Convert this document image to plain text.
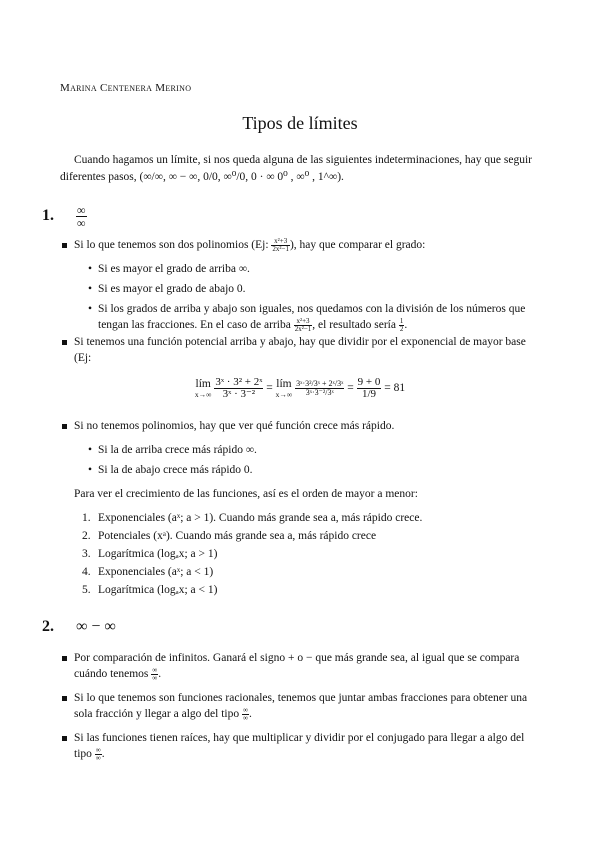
Marina Centenera Merino
Tipos de límites

Cuando hagamos un límite, si nos queda alguna de las siguientes indeterminaciones, hay que seguir diferentes pasos, (∞/∞, ∞ − ∞, 0/0, ∞⁰/0, 0 · ∞ 0⁰ , ∞⁰ , 1^∞).

1. $\frac{\infty}{\infty}$

Si lo que tenemos son dos polinomios (Ej: $\frac{\text{x²+3}}{\text{2x²−1}}$ ), hay que comparar el grado:

• Si es mayor el grado de arriba ∞.

• Si es mayor el grado de abajo 0.

• Si los grados de arriba y abajo son iguales, nos quedamos con la división de los números que tengan las fracciones. En el caso de arriba $\frac{\text{x²+3}}{\text{2x²−1}}$ , el resultado sería $\frac{1}{2}$ .

Si tenemos una función potencial arriba y abajo, hay que dividir por el exponencial de mayor base (Ej:

lím
x→∞
$\frac{\text{3ˣ · 3² + 2ˣ}}{\text{3ˣ · 3⁻²}}$ = lím
x→∞
$\frac{\text{3ˣ·3²/3ˣ + 2ˣ/3ˣ}}{\text{3ˣ·3⁻²/3ˣ}} = \frac{9 + 0}{1/9} = 81$

Si no tenemos polinomios, hay que ver qué función crece más rápido.

• Si la de arriba crece más rápido ∞.

• Si la de abajo crece más rápido 0.

Para ver el crecimiento de las funciones, así es el orden de mayor a menor:

1. Exponenciales (aˣ; a > 1). Cuando más grande sea a, más rápido crece.

2. Potenciales (xᵃ). Cuando más grande sea a, más rápido crece

3. Logarítmica (logₐx; a > 1)

4. Exponenciales (aˣ; a < 1)

5. Logarítmica (logₐx; a < 1)

2. ∞ − ∞

Por comparación de infinitos. Ganará el signo + o − que más grande sea, al igual que se compara cuándo tenemos $\frac{\infty}{\infty}$ .

Si lo que tenemos son funciones racionales, tenemos que juntar ambas fracciones para obtener una sola fracción y llegar a algo del tipo $\frac{\infty}{\infty}$ .

Si las funciones tienen raíces, hay que multiplicar y dividir por el conjugado para llegar a algo del tipo $\frac{\infty}{\infty}$ .
